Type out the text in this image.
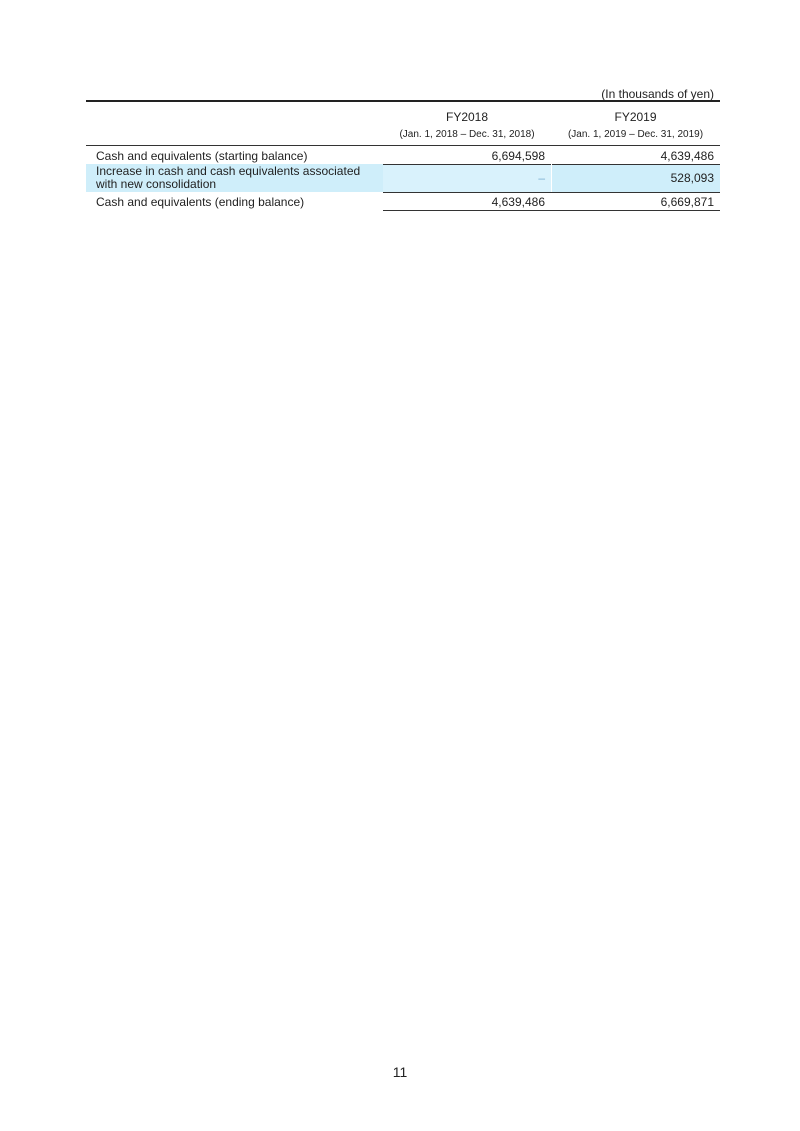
(In thousands of yen)
FY2018
(Jan. 1, 2018 – Dec. 31, 2018)
FY2019
(Jan. 1, 2019 – Dec. 31, 2019)
Cash and equivalents (starting balance)	6,694,598	4,639,486
Increase in cash and cash equivalents associated
with new consolidation	–	528,093
Cash and equivalents (ending balance)	4,639,486	6,669,871
11
